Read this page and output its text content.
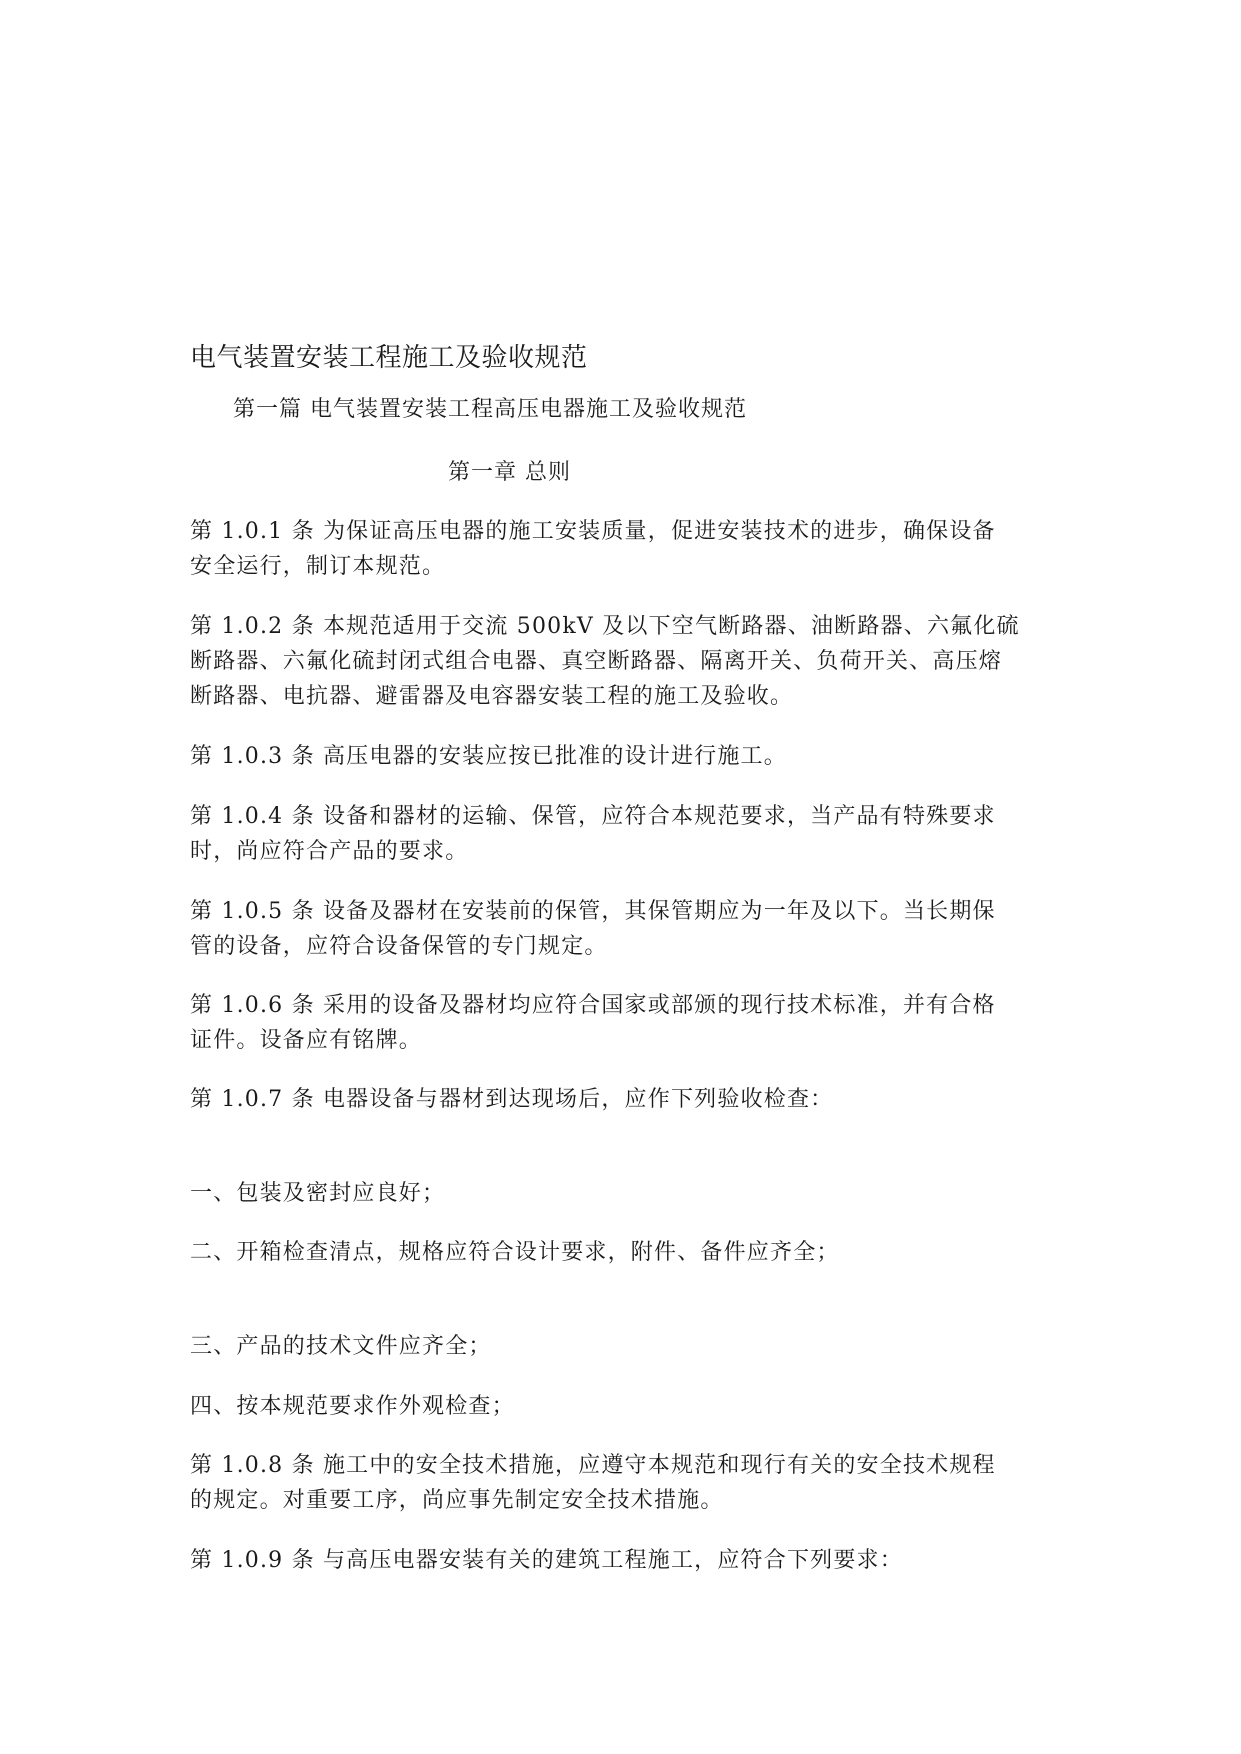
电气装置安装工程施工及验收规范
第一篇 电气装置安装工程高压电器施工及验收规范
第一章 总则
第 1.0.1 条 为保证高压电器的施工安装质量，促进安装技术的进步，确保设备
安全运行，制订本规范。
第 1.0.2 条 本规范适用于交流 500kV 及以下空气断路器、油断路器、六氟化硫
断路器、六氟化硫封闭式组合电器、真空断路器、隔离开关、负荷开关、高压熔
断路器、电抗器、避雷器及电容器安装工程的施工及验收。
第 1.0.3 条 高压电器的安装应按已批准的设计进行施工。
第 1.0.4 条 设备和器材的运输、保管，应符合本规范要求，当产品有特殊要求
时，尚应符合产品的要求。
第 1.0.5 条 设备及器材在安装前的保管，其保管期应为一年及以下。当长期保
管的设备，应符合设备保管的专门规定。
第 1.0.6 条 采用的设备及器材均应符合国家或部颁的现行技术标准，并有合格
证件。设备应有铭牌。
第 1.0.7 条 电器设备与器材到达现场后，应作下列验收检查：
一、包装及密封应良好；
二、开箱检查清点，规格应符合设计要求，附件、备件应齐全；
三、产品的技术文件应齐全；
四、按本规范要求作外观检查；
第 1.0.8 条 施工中的安全技术措施，应遵守本规范和现行有关的安全技术规程
的规定。对重要工序，尚应事先制定安全技术措施。
第 1.0.9 条 与高压电器安装有关的建筑工程施工，应符合下列要求：
